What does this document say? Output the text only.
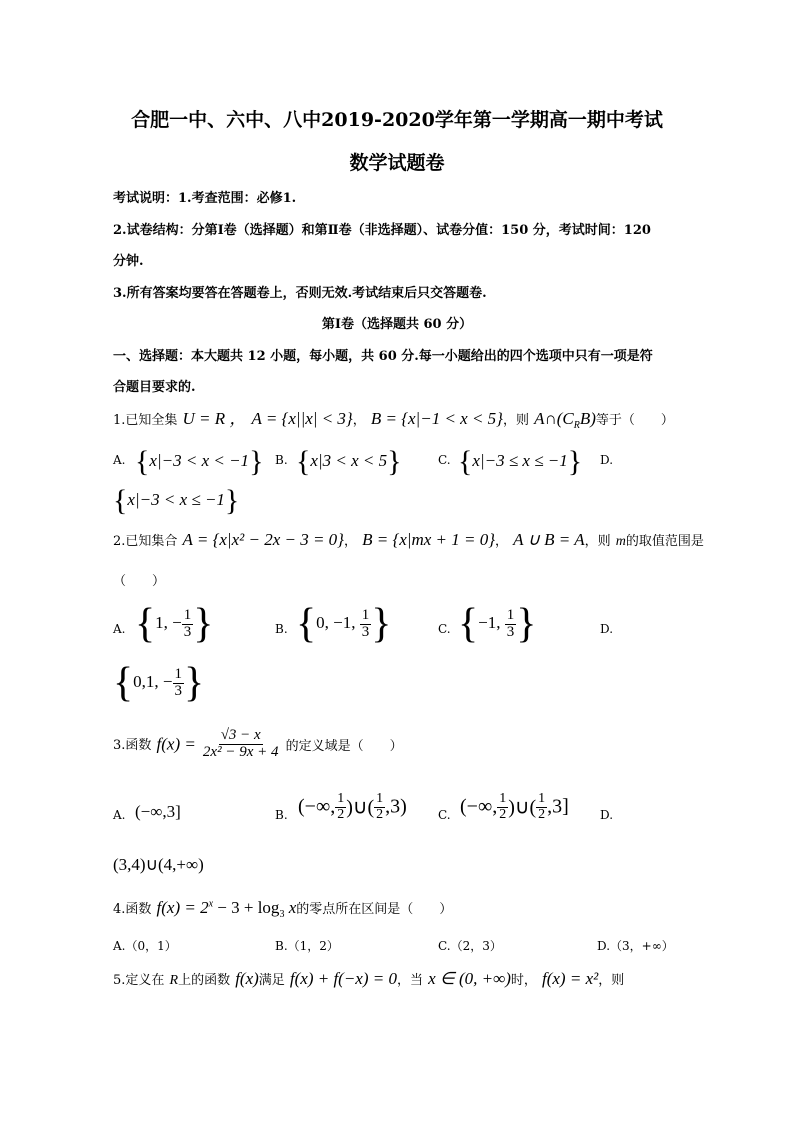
合肥一中、六中、八中2019-2020学年第一学期高一期中考试
数学试题卷
考试说明：1.考查范围：必修1.
2.试卷结构：分第Ⅰ卷（选择题）和第Ⅱ卷（非选择题）、试卷分值：150 分，考试时间：120
分钟.
3.所有答案均要答在答题卷上，否则无效.考试结束后只交答题卷.
第Ⅰ卷（选择题共 60 分）
一、选择题：本大题共 12 小题，每小题，共 60 分.每一小题给出的四个选项中只有一项是符
合题目要求的.
1.已知全集 U = R ， A = {x||x| < 3}， B = {x|−1 < x < 5}，则 $A\cap(C_RB)$等于（　　）
A. {x|−3 < x < −1} B. {x|3 < x < 5}	C. {x|−3 ≤ x ≤ −1} D.
{x|−3 < x ≤ −1}
2.已知集合 A = {x|x² − 2x − 3 = 0}， B = {x|mx + 1 = 0}， A ∪ B = A，则 m的取值范围是
（　　）
A. {1, − $\frac{1}{3}$ }	B. {0, −1, $\frac{1}{3}$ }	C. {−1, $\frac{1}{3}$ }	D.
{0,1, − $\frac{1}{3}$ }
3.函数 $f(x) = \frac{√3 - x}{\text{2x² − 9x + 4}}$ 的定义域是（　　）
A. (−∞,3]	B. (−∞, $\frac{1}{2}$ )∪( $\frac{1}{2} ,3$)	C. (−∞, $\frac{1}{2}$ )∪( $\frac{1}{2} ,3$]	D.
(3,4)∪(4,+∞)
4.函数 $f(x) = 2^x - 3 + \log_3 x$的零点所在区间是（　　）
A.（0，1）	B.（1，2）	C.（2，3）	D.（3，+∞）
5.定义在 R上的函数 f(x)满足 f(x) + f(−x) = 0，当 x ∈ (0, +∞)时， f(x) = x²，则
